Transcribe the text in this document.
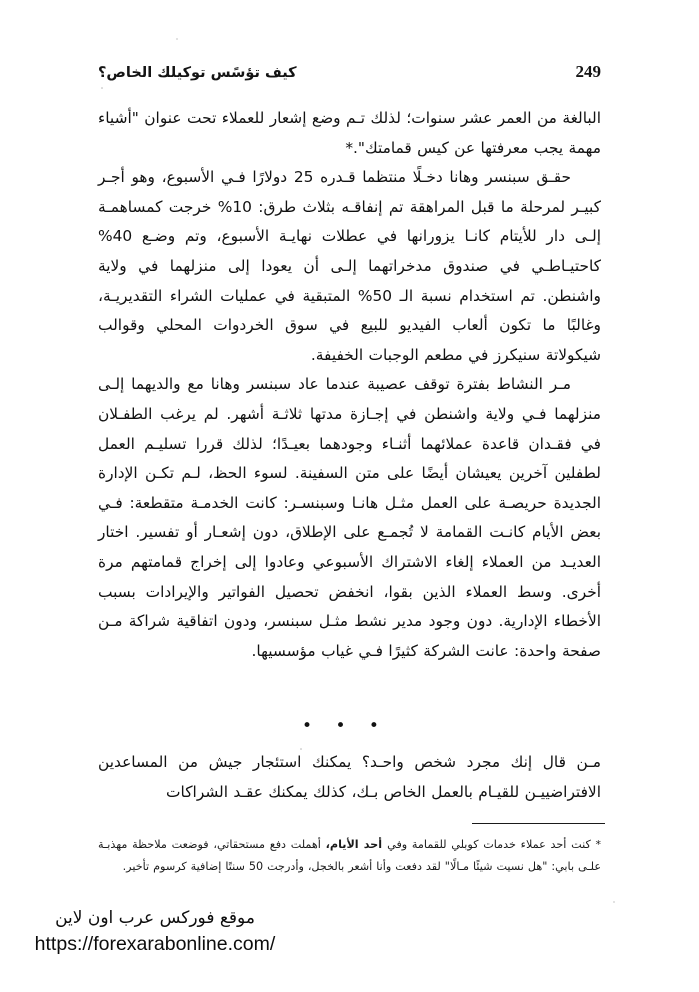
كيف تؤسًس توكيلك الخاص؟	249

البالغة من العمر عشر سنوات؛ لذلك تـم وضع إشعار للعملاء تحت عنوان "أشياء مهمة يجب معرفتها عن كيس قمامتك".*

حقـق سبنسر وهانا دخـلًا منتظما قـدره 25 دولارًا فـي الأسبوع، وهو أجـر كبيـر لمرحلة ما قبل المراهقة تم إنفاقـه بثلاث طرق: 10% خرجت كمساهمـة إلـى دار للأيتام كانـا يزورانها في عطلات نهايـة الأسبوع، وتم وضـع 40% كاحتيـاطـي في صندوق مدخراتهما إلـى أن يعودا إلى منزلهما في ولاية واشنطن. تم استخدام نسبة الـ 50% المتبقية في عمليات الشراء التقديريـة، وغالبًا ما تكون ألعاب الفيديو للبيع في سوق الخردوات المحلي وقوالب شيكولاتة سنيكرز في مطعم الوجبات الخفيفة.

مـر النشاط بفترة توقف عصيبة عندما عاد سبنسر وهانا مع والديهما إلـى منزلهما فـي ولاية واشنطن في إجـازة مدتها ثلاثـة أشهر. لم يرغب الطفـلان في فقـدان قاعدة عملائهما أثنـاء وجودهما بعيـدًا؛ لذلك قررا تسليـم العمل لطفلين آخرين يعيشان أيضًا على متن السفينة. لسوء الحظ، لـم تكـن الإدارة الجديدة حريصـة على العمل مثـل هانـا وسبنسـر: كانت الخدمـة متقطعة: فـي بعض الأيام كانـت القمامة لا تُجمـع على الإطلاق، دون إشعـار أو تفسير. اختار العديـد من العملاء إلغاء الاشتراك الأسبوعي وعادوا إلى إخراج قمامتهم مرة أخرى. وسط العملاء الذين بقوا، انخفض تحصيل الفواتير والإيرادات بسبب الأخطاء الإدارية. دون وجود مدير نشط مثـل سبنسر، ودون اتفاقية شراكة مـن صفحة واحدة: عانت الشركة كثيرًا فـي غياب مؤسسيها.

• • •

مـن قال إنك مجرد شخص واحـد؟ يمكنك استئجار جيش من المساعدين الافتراضييـن للقيـام بالعمل الخاص بـك، كذلك يمكنك عقـد الشراكات

* كنت أحد عملاء خدمات كوبلي للقمامة وفي أحد الأيام، أهملت دفع مستحقاتي، فوضعت ملاحظة مهذبـة علـى بابي: "هل نسيت شيئًا مـالًا" لقد دفعت وأنا أشعر بالخجل، وأدرجت 50 سنتًا إضافية كرسوم تأخير.

موقع فوركس عرب اون لاين
https://forexarabonline.com/
